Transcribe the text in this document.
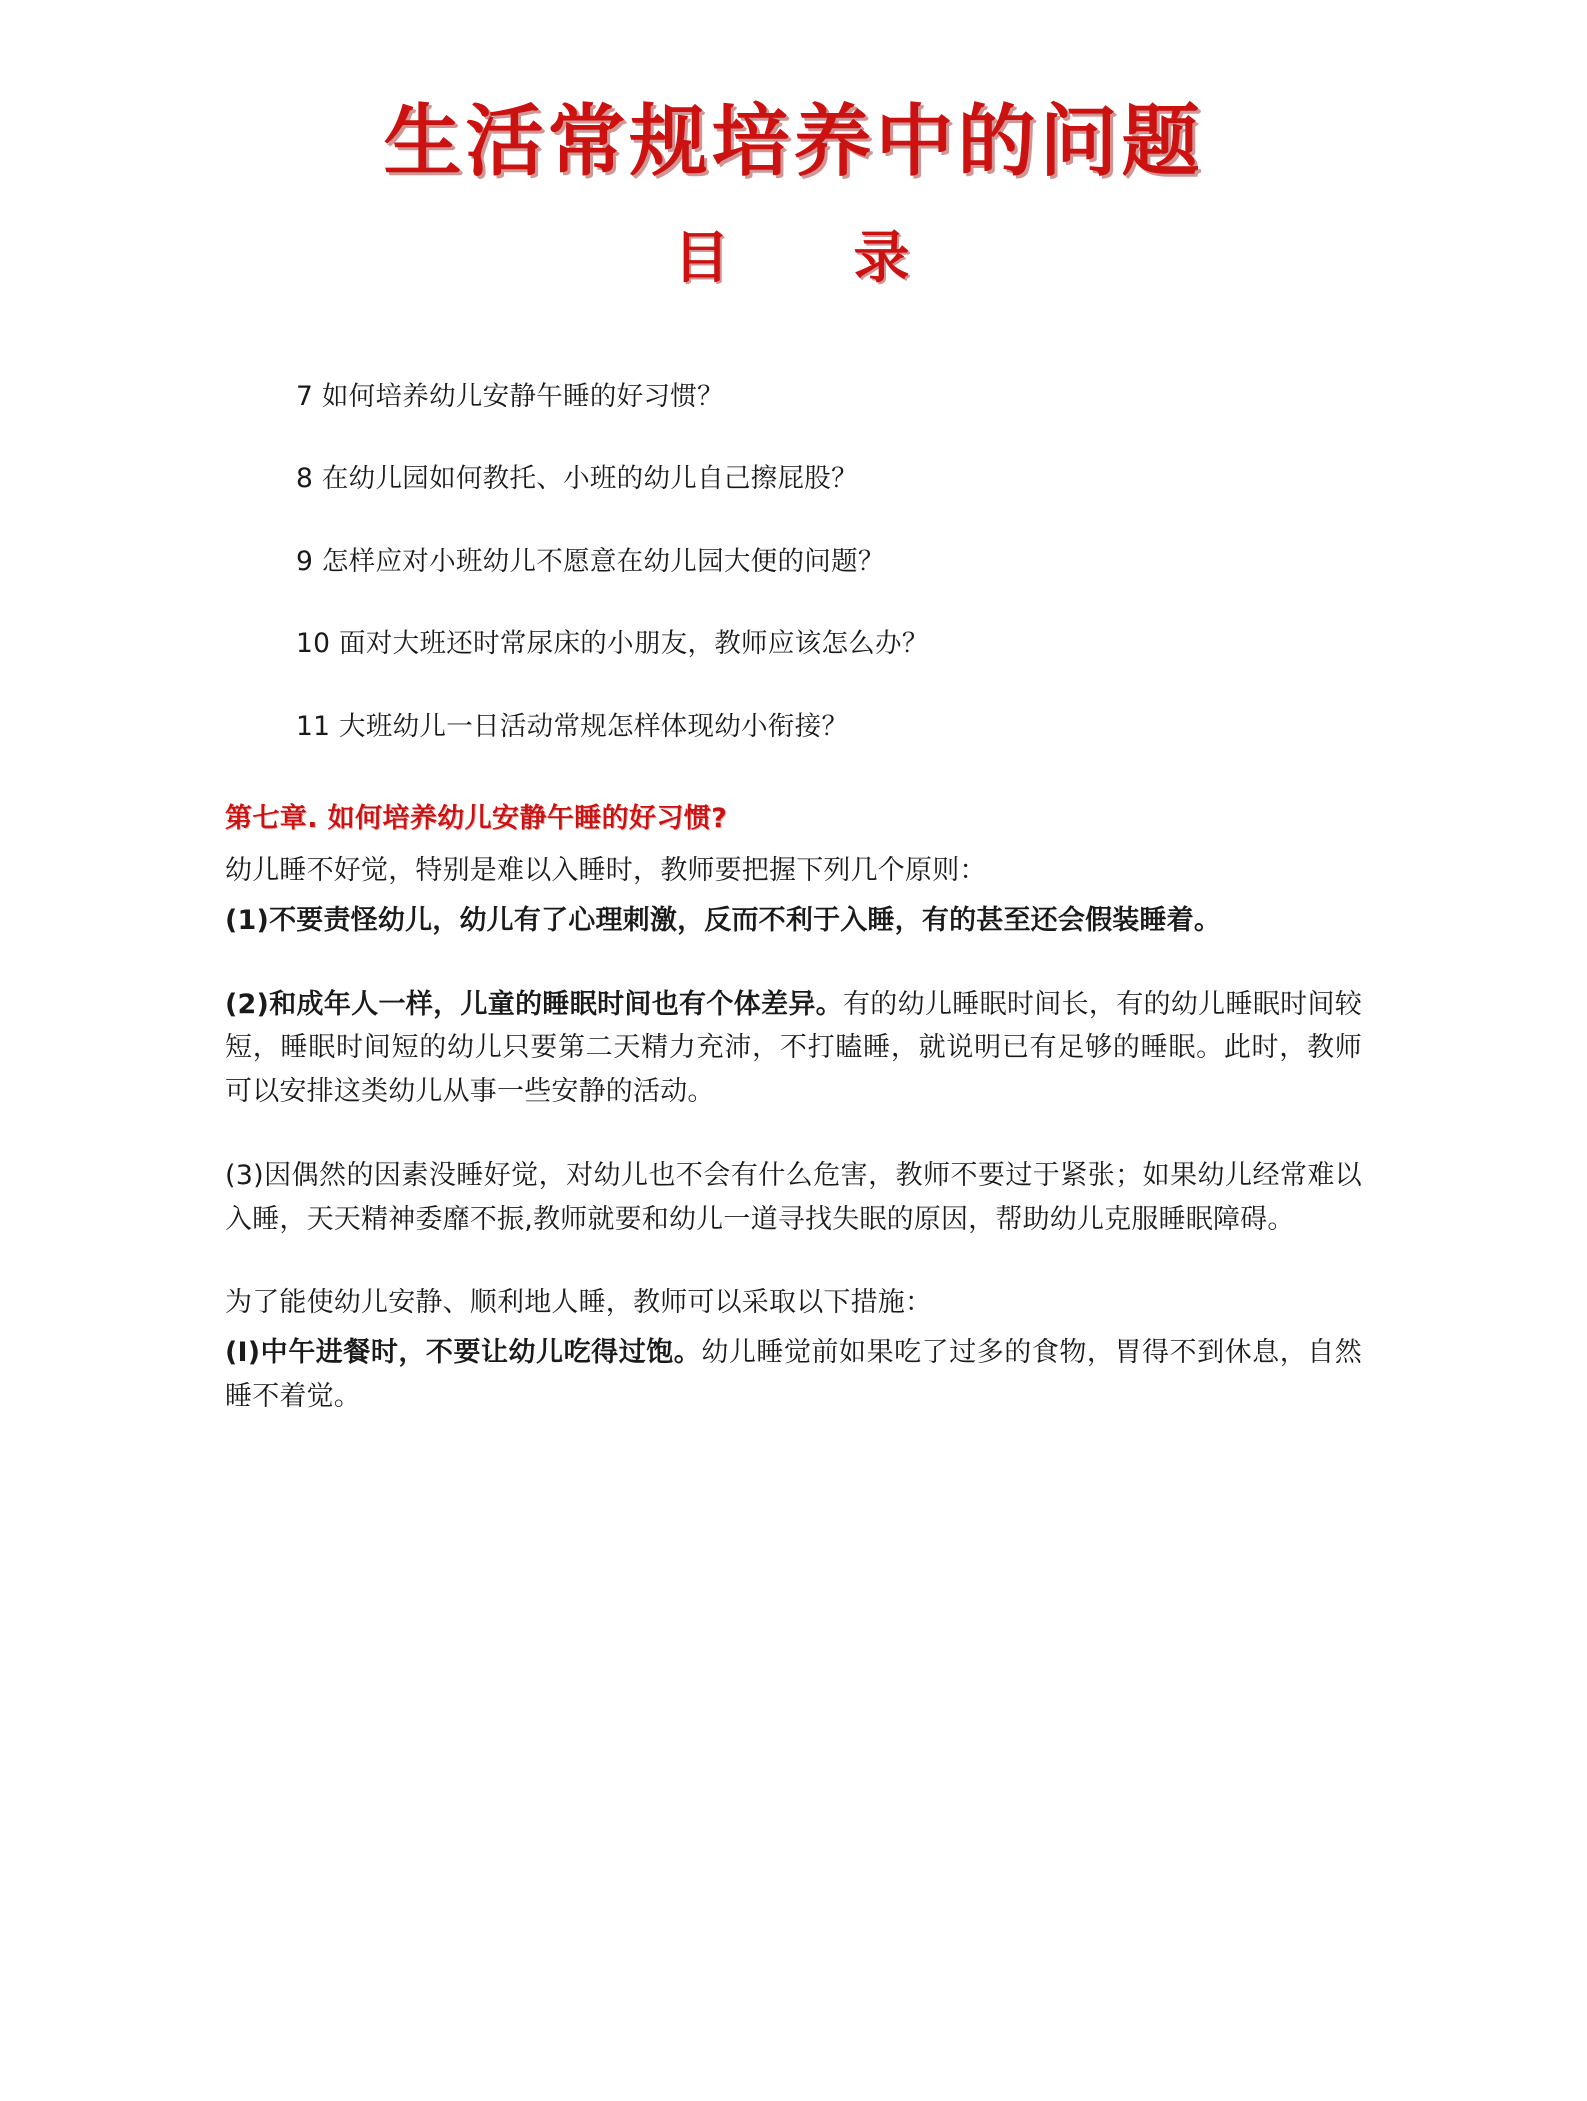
生活常规培养中的问题
目　　录
7 如何培养幼儿安静午睡的好习惯？
8 在幼儿园如何教托、小班的幼儿自己擦屁股？
9 怎样应对小班幼儿不愿意在幼儿园大便的问题？
10 面对大班还时常尿床的小朋友，教师应该怎么办？
11 大班幼儿一日活动常规怎样体现幼小衔接？
第七章. 如何培养幼儿安静午睡的好习惯?

幼儿睡不好觉，特别是难以入睡时，教师要把握下列几个原则：

(1)不要责怪幼儿，幼儿有了心理刺激，反而不利于入睡，有的甚至还会假装睡着。

(2)和成年人一样，儿童的睡眠时间也有个体差异。有的幼儿睡眠时间长，有的幼儿睡眠时间较短，睡眠时间短的幼儿只要第二天精力充沛，不打瞌睡，就说明已有足够的睡眠。此时，教师可以安排这类幼儿从事一些安静的活动。

(3)因偶然的因素没睡好觉，对幼儿也不会有什么危害，教师不要过于紧张；如果幼儿经常难以入睡，天天精神委靡不振,教师就要和幼儿一道寻找失眠的原因，帮助幼儿克服睡眠障碍。

为了能使幼儿安静、顺利地人睡，教师可以采取以下措施：

(I)中午进餐时，不要让幼儿吃得过饱。幼儿睡觉前如果吃了过多的食物，胃得不到休息，自然睡不着觉。
